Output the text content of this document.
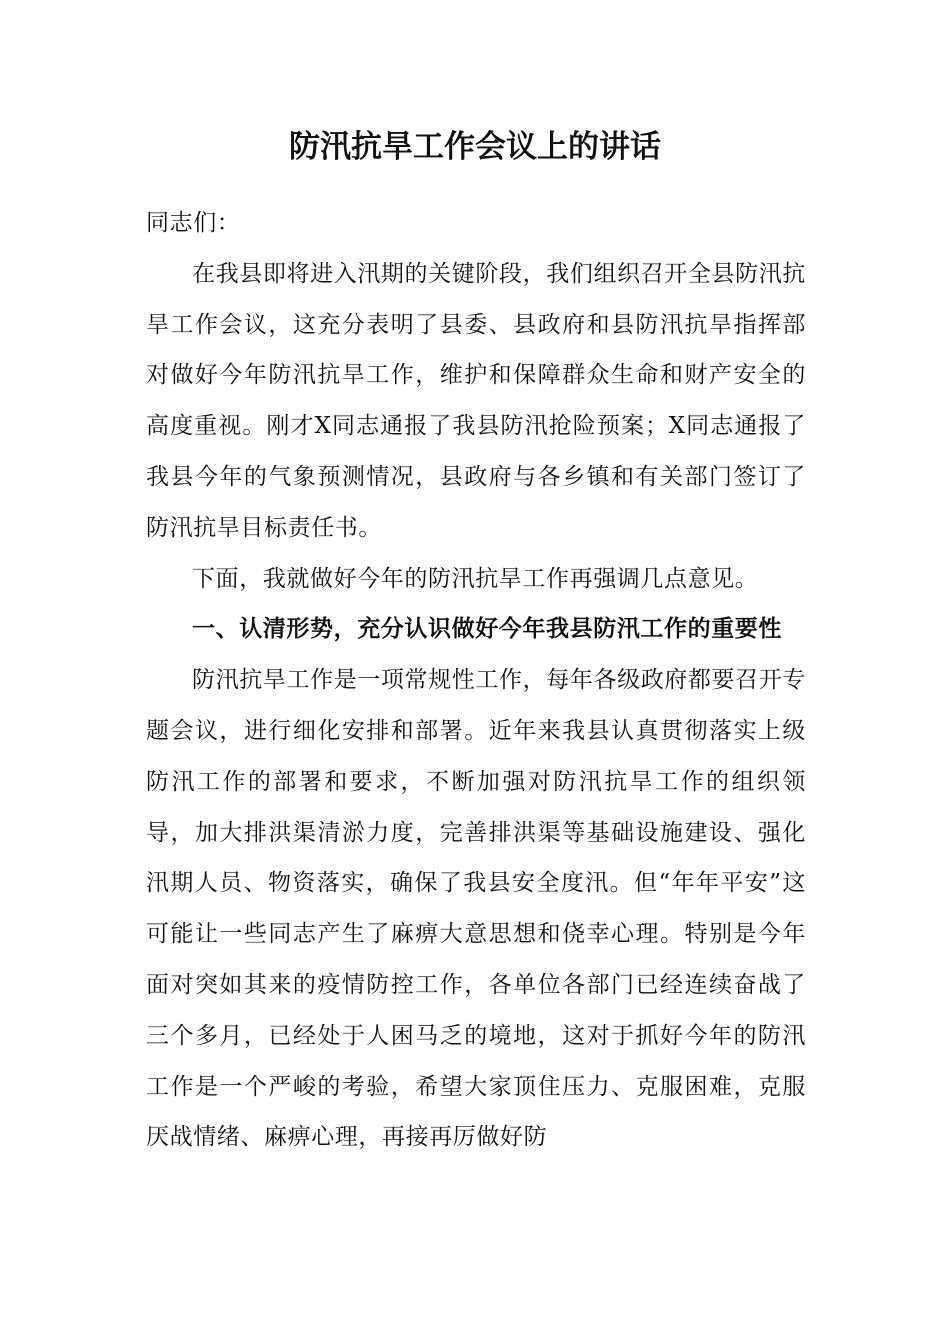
防汛抗旱工作会议上的讲话

同志们：

在我县即将进入汛期的关键阶段，我们组织召开全县防汛抗旱工作会议，这充分表明了县委、县政府和县防汛抗旱指挥部对做好今年防汛抗旱工作，维护和保障群众生命和财产安全的高度重视。刚才X同志通报了我县防汛抢险预案；X同志通报了我县今年的气象预测情况，县政府与各乡镇和有关部门签订了防汛抗旱目标责任书。

下面，我就做好今年的防汛抗旱工作再强调几点意见。

一、认清形势，充分认识做好今年我县防汛工作的重要性

防汛抗旱工作是一项常规性工作，每年各级政府都要召开专题会议，进行细化安排和部署。近年来我县认真贯彻落实上级防汛工作的部署和要求，不断加强对防汛抗旱工作的组织领导，加大排洪渠清淤力度，完善排洪渠等基础设施建设、强化汛期人员、物资落实，确保了我县安全度汛。但“年年平安”这可能让一些同志产生了麻痹大意思想和侥幸心理。特别是今年面对突如其来的疫情防控工作，各单位各部门已经连续奋战了三个多月，已经处于人困马乏的境地，这对于抓好今年的防汛工作是一个严峻的考验，希望大家顶住压力、克服困难，克服厌战情绪、麻痹心理，再接再厉做好防
